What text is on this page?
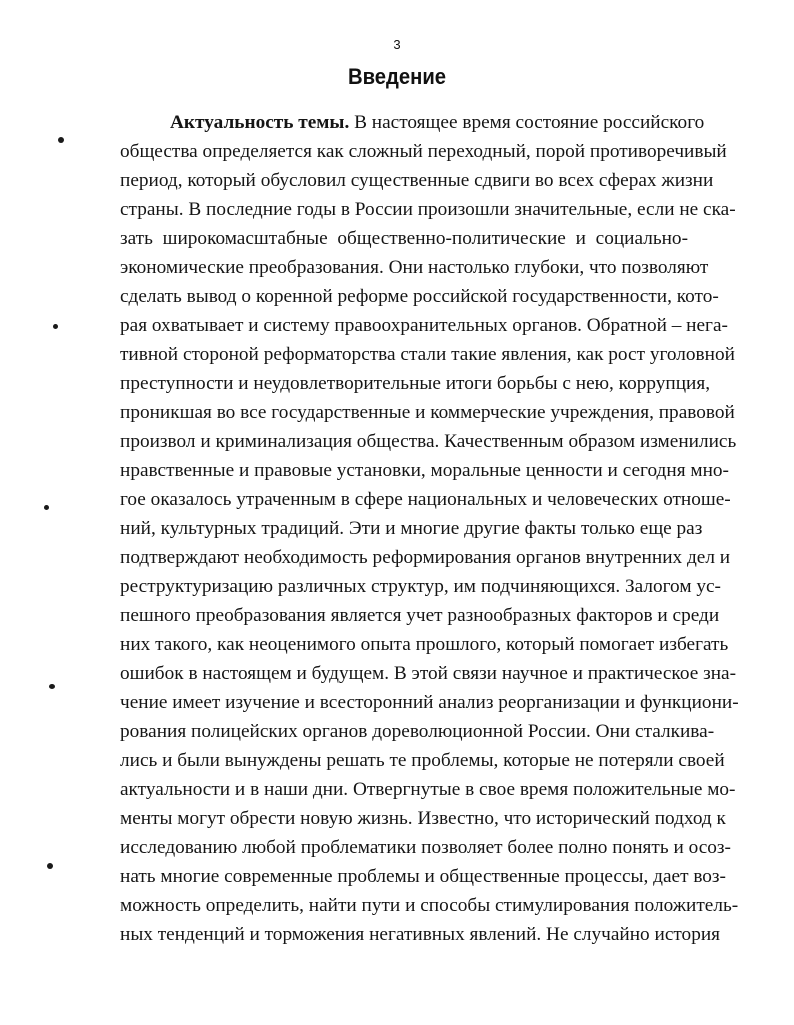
3
Введение
Актуальность темы. В настоящее время состояние российского
общества определяется как сложный переходный, порой противоречивый
период, который обусловил существенные сдвиги во всех сферах жизни
страны. В последние годы в России произошли значительные, если не ска-
зать широкомасштабные общественно-политические и социально-
экономические преобразования. Они настолько глубоки, что позволяют
сделать вывод о коренной реформе российской государственности, кото-
рая охватывает и систему правоохранительных органов. Обратной – нега-
тивной стороной реформаторства стали такие явления, как рост уголовной
преступности и неудовлетворительные итоги борьбы с нею, коррупция,
проникшая во все государственные и коммерческие учреждения, правовой
произвол и криминализация общества. Качественным образом изменились
нравственные и правовые установки, моральные ценности и сегодня мно-
гое оказалось утраченным в сфере национальных и человеческих отноше-
ний, культурных традиций. Эти и многие другие факты только еще раз
подтверждают необходимость реформирования органов внутренних дел и
реструктуризацию различных структур, им подчиняющихся. Залогом ус-
пешного преобразования является учет разнообразных факторов и среди
них такого, как неоценимого опыта прошлого, который помогает избегать
ошибок в настоящем и будущем. В этой связи научное и практическое зна-
чение имеет изучение и всесторонний анализ реорганизации и функциони-
рования полицейских органов дореволюционной России. Они сталкива-
лись и были вынуждены решать те проблемы, которые не потеряли своей
актуальности и в наши дни. Отвергнутые в свое время положительные мо-
менты могут обрести новую жизнь. Известно, что исторический подход к
исследованию любой проблематики позволяет более полно понять и осоз-
нать многие современные проблемы и общественные процессы, дает воз-
можность определить, найти пути и способы стимулирования положитель-
ных тенденций и торможения негативных явлений. Не случайно история
